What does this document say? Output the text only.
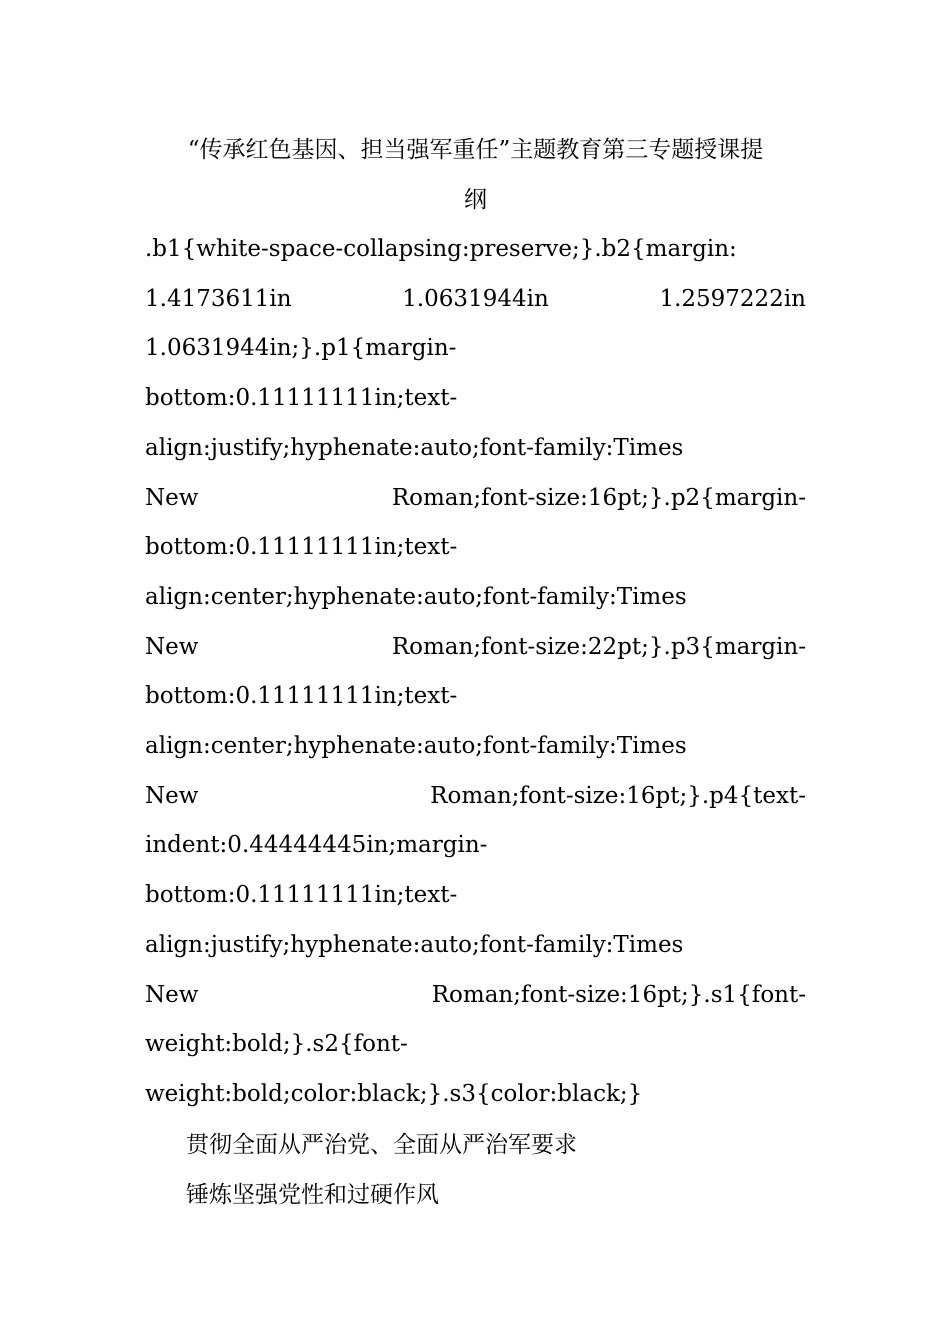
“传承红色基因、担当强军重任”主题教育第三专题授课提
纲

.b1{white-space-collapsing:preserve;}.b2{margin:
1.4173611in	1.0631944in	1.2597222in
1.0631944in;}.p1{margin-
bottom:0.11111111in;text-
align:justify;hyphenate:auto;font-family:Times
New	Roman;font-size:16pt;}.p2{margin-
bottom:0.11111111in;text-
align:center;hyphenate:auto;font-family:Times
New	Roman;font-size:22pt;}.p3{margin-
bottom:0.11111111in;text-
align:center;hyphenate:auto;font-family:Times
New	Roman;font-size:16pt;}.p4{text-
indent:0.44444445in;margin-
bottom:0.11111111in;text-
align:justify;hyphenate:auto;font-family:Times
New	Roman;font-size:16pt;}.s1{font-
weight:bold;}.s2{font-
weight:bold;color:black;}.s3{color:black;}

贯彻全面从严治党、全面从严治军要求

锤炼坚强党性和过硬作风
